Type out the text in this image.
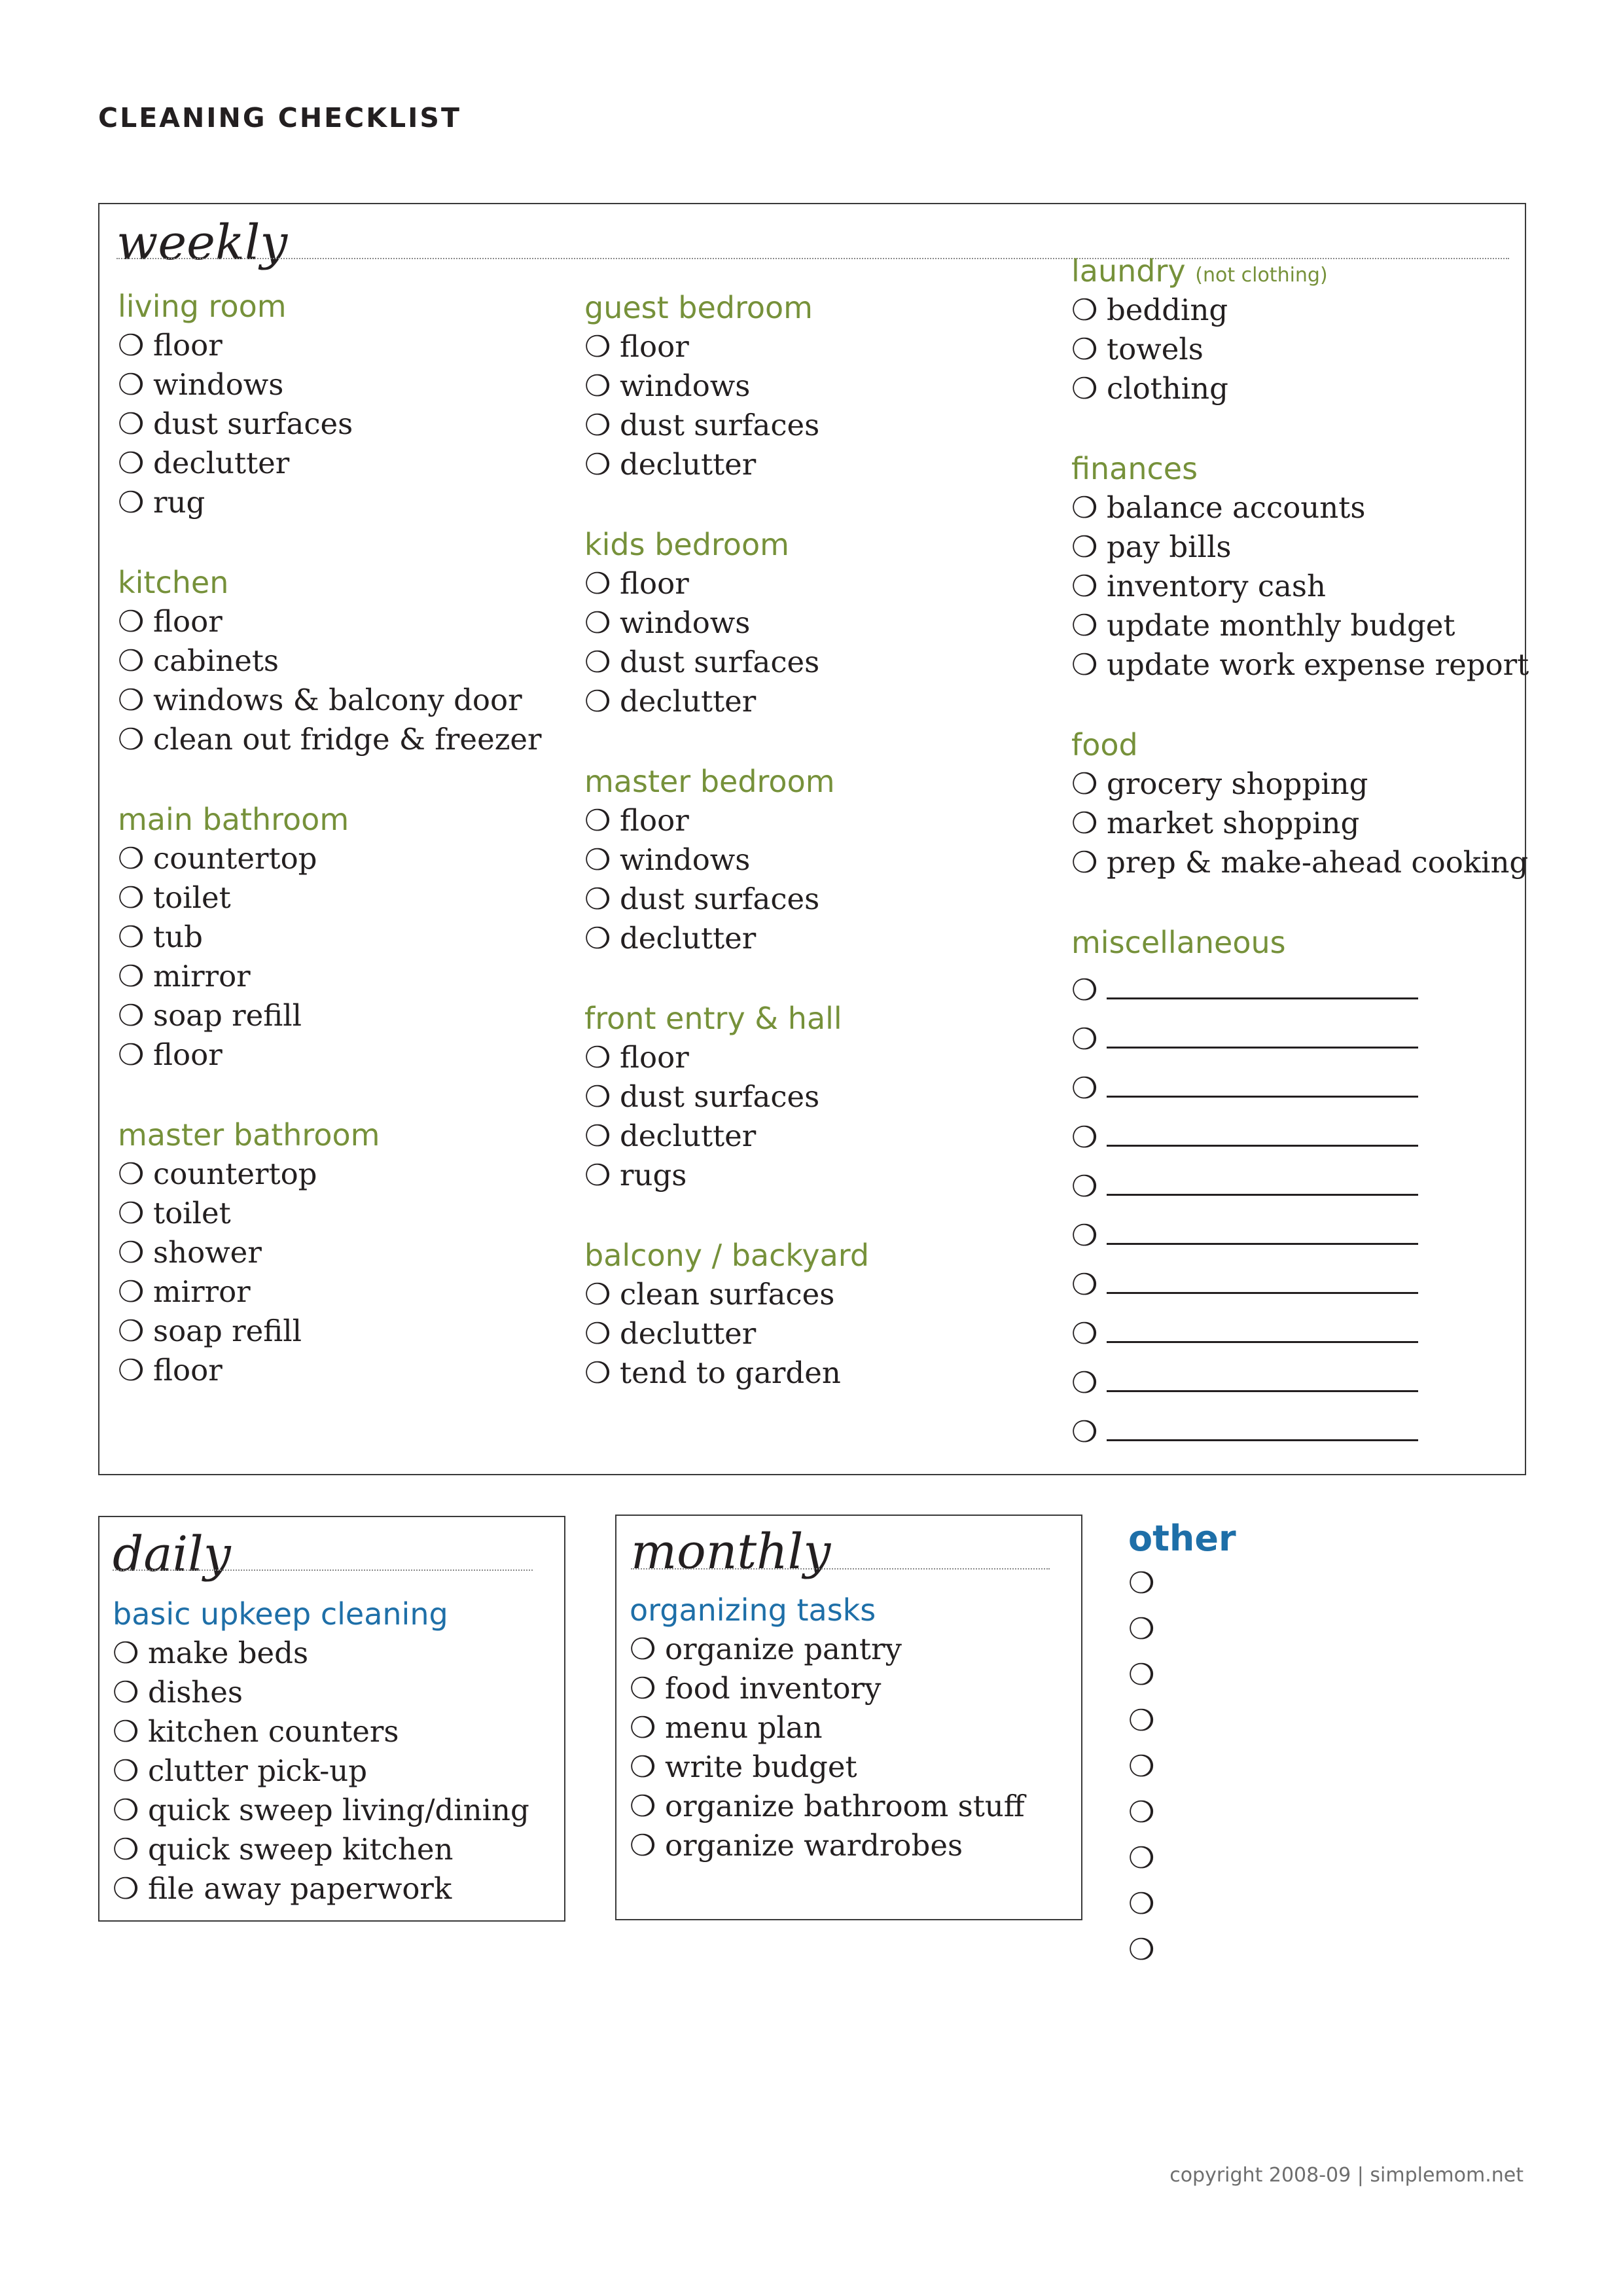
CLEANING CHECKLIST
weekly
living room
❍ floor
❍ windows
❍ dust surfaces
❍ declutter
❍ rug
kitchen
❍ floor
❍ cabinets
❍ windows & balcony door
❍ clean out fridge & freezer
main bathroom
❍ countertop
❍ toilet
❍ tub
❍ mirror
❍ soap refill
❍ floor
master bathroom
❍ countertop
❍ toilet
❍ shower
❍ mirror
❍ soap refill
❍ floor
guest bedroom
❍ floor
❍ windows
❍ dust surfaces
❍ declutter
kids bedroom
❍ floor
❍ windows
❍ dust surfaces
❍ declutter
master bedroom
❍ floor
❍ windows
❍ dust surfaces
❍ declutter
front entry & hall
❍ floor
❍ dust surfaces
❍ declutter
❍ rugs
balcony / backyard
❍ clean surfaces
❍ declutter
❍ tend to garden
laundry (not clothing)
❍ bedding
❍ towels
❍ clothing
finances
❍ balance accounts
❍ pay bills
❍ inventory cash
❍ update monthly budget
❍ update work expense report
food
❍ grocery shopping
❍ market shopping
❍ prep & make-ahead cooking
miscellaneous
❍
❍
❍
❍
❍
❍
❍
❍
❍
❍
daily
basic upkeep cleaning
❍ make beds
❍ dishes
❍ kitchen counters
❍ clutter pick-up
❍ quick sweep living/dining
❍ quick sweep kitchen
❍ file away paperwork
monthly
organizing tasks
❍ organize pantry
❍ food inventory
❍ menu plan
❍ write budget
❍ organize bathroom stuff
❍ organize wardrobes
other
❍
❍
❍
❍
❍
❍
❍
❍
❍
copyright 2008-09 | simplemom.net
